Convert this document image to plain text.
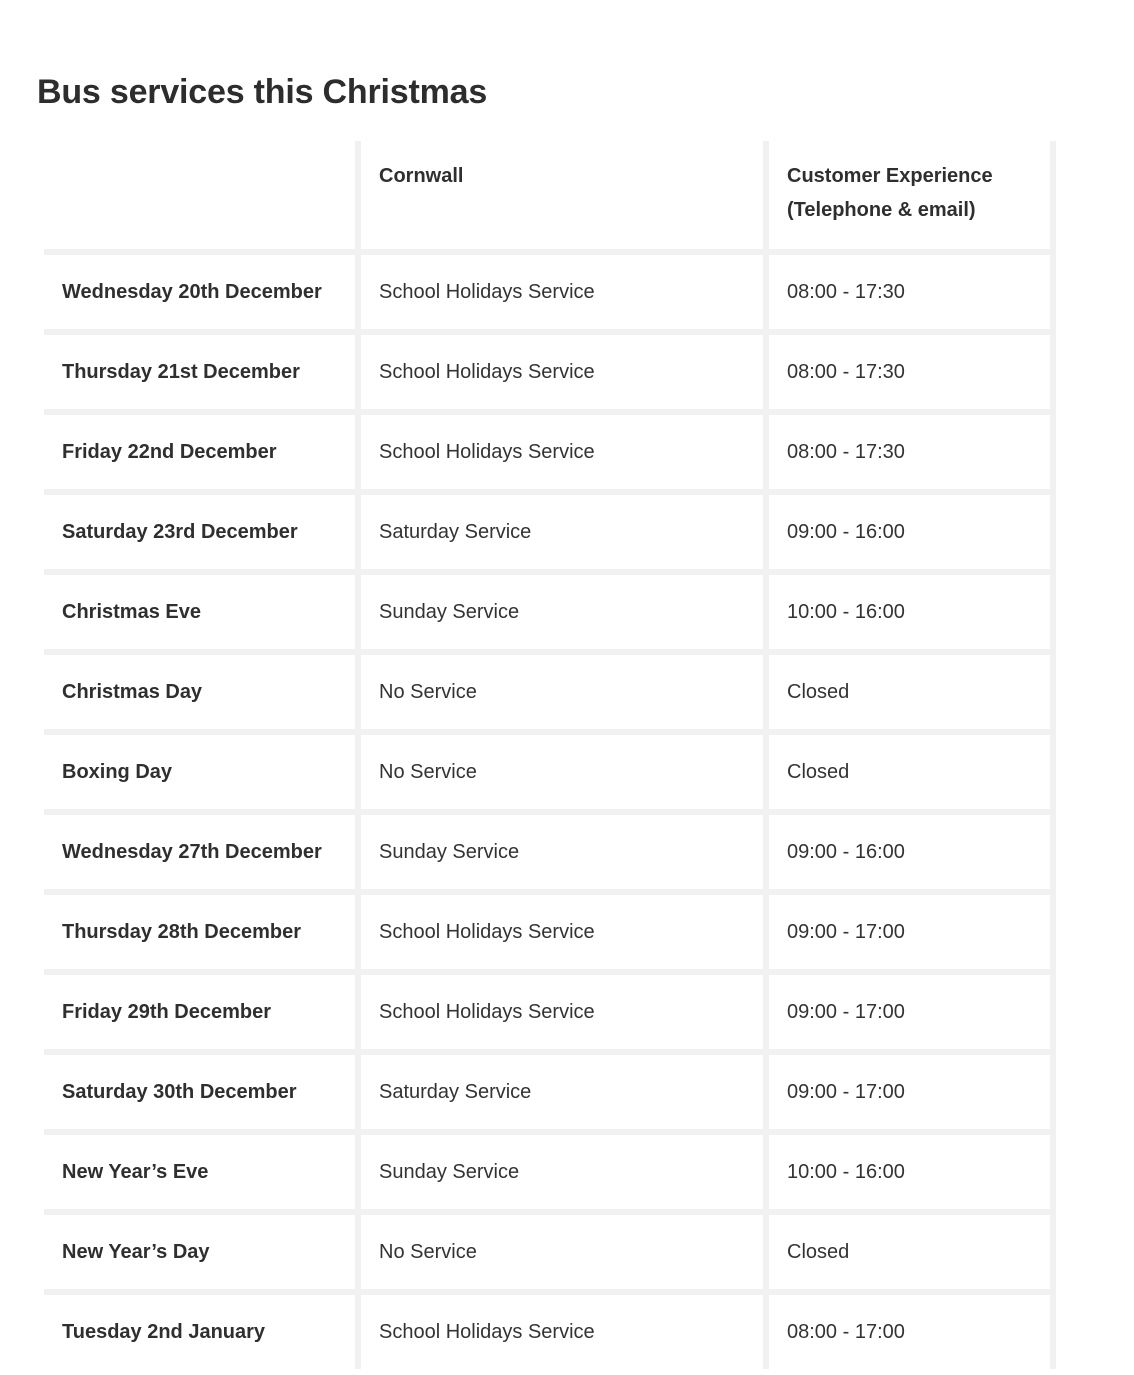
Bus services this Christmas
	Cornwall	Customer Experience
(Telephone & email)

Wednesday 20th December	School Holidays Service	08:00 - 17:30
Thursday 21st December	School Holidays Service	08:00 - 17:30
Friday 22nd December	School Holidays Service	08:00 - 17:30
Saturday 23rd December	Saturday Service	09:00 - 16:00
Christmas Eve	Sunday Service	10:00 - 16:00
Christmas Day	No Service	Closed
Boxing Day	No Service	Closed
Wednesday 27th December	Sunday Service	09:00 - 16:00
Thursday 28th December	School Holidays Service	09:00 - 17:00
Friday 29th December	School Holidays Service	09:00 - 17:00
Saturday 30th December	Saturday Service	09:00 - 17:00
New Year’s Eve	Sunday Service	10:00 - 16:00
New Year’s Day	No Service	Closed
Tuesday 2nd January	School Holidays Service	08:00 - 17:00
